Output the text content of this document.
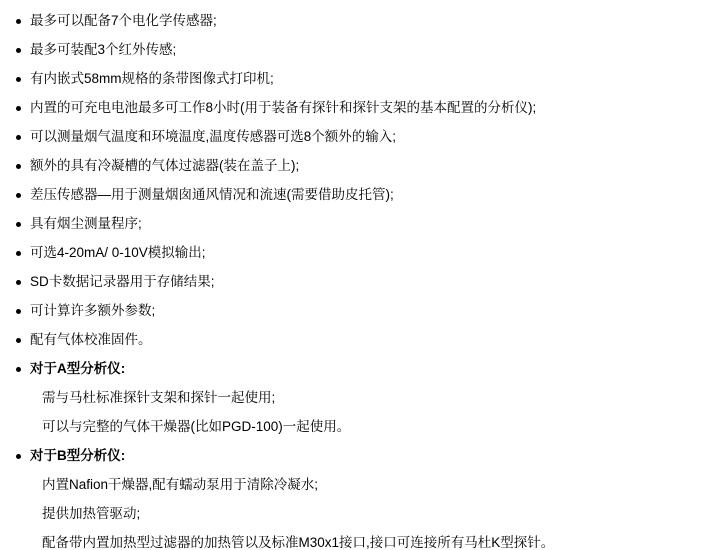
最多可以配备7个电化学传感器;
最多可装配3个红外传感;
有内嵌式58mm规格的条带图像式打印机;
内置的可充电电池最多可工作8小时(用于装备有探针和探针支架的基本配置的分析仪);
可以测量烟气温度和环境温度,温度传感器可选8个额外的输入;
额外的具有冷凝槽的气体过滤器(装在盖子上);
差压传感器—用于测量烟囱通风情况和流速(需要借助皮托管);
具有烟尘测量程序;
可选4-20mA/ 0-10V模拟输出;
SD卡数据记录器用于存储结果;
可计算许多额外参数;
配有气体校准固件。
对于A型分析仪:
需与马杜标准探针支架和探针一起使用;
可以与完整的气体干燥器(比如PGD-100)一起使用。
对于B型分析仪:
内置Nafion干燥器,配有蠕动泵用于清除冷凝水;
提供加热管驱动;
配备带内置加热型过滤器的加热管以及标准M30x1接口,接口可连接所有马杜K型探针。
